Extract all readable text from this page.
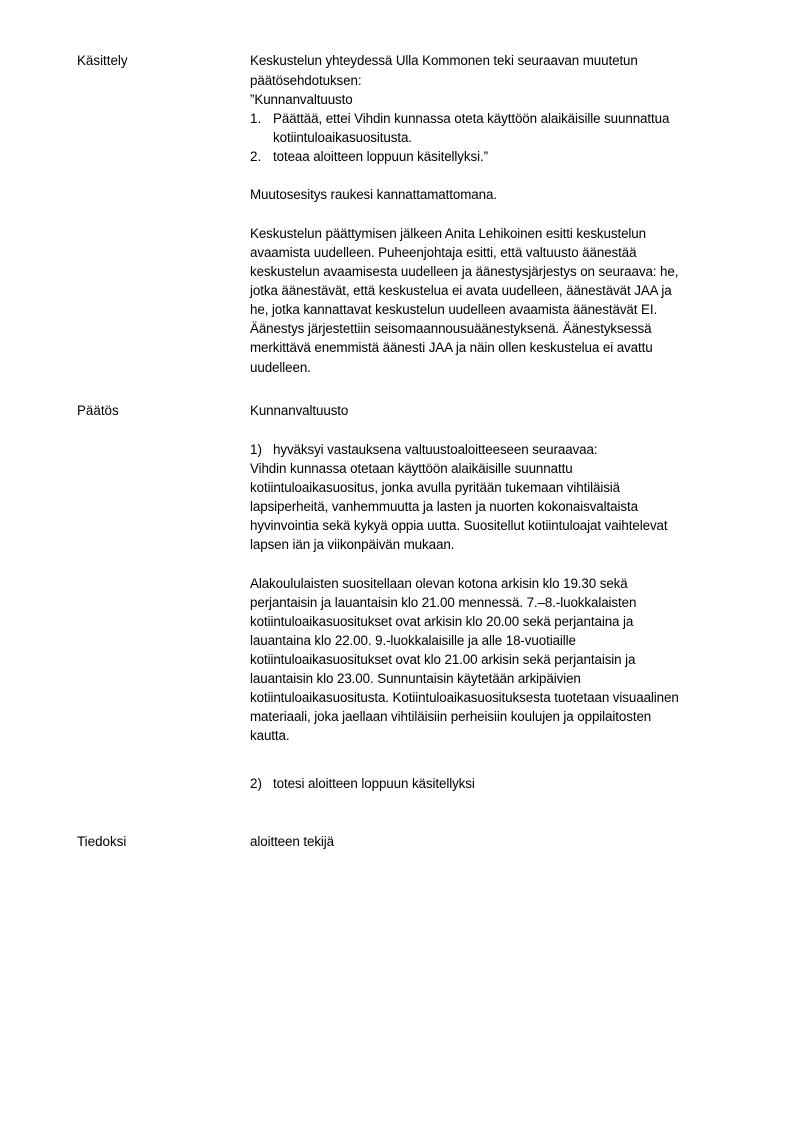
Käsittely	Keskustelun yhteydessä Ulla Kommonen teki seuraavan muutetun
päätösehdotuksen:
”Kunnanvaltuusto
1. Päättää, ettei Vihdin kunnassa oteta käyttöön alaikäisille suunnattua
kotiintuloaikasuositusta.
2. toteaa aloitteen loppuun käsitellyksi.”
Muutosesitys raukesi kannattamattomana.
Keskustelun päättymisen jälkeen Anita Lehikoinen esitti keskustelun
avaamista uudelleen. Puheenjohtaja esitti, että valtuusto äänestää
keskustelun avaamisesta uudelleen ja äänestysjärjestys on seuraava: he,
jotka äänestävät, että keskustelua ei avata uudelleen, äänestävät JAA ja
he, jotka kannattavat keskustelun uudelleen avaamista äänestävät EI.
Äänestys järjestettiin seisomaannousuäänestyksenä. Äänestyksessä
merkittävä enemmistä äänesti JAA ja näin ollen keskustelua ei avattu
uudelleen.
Päätös	Kunnanvaltuusto
1) hyväksyi vastauksena valtuustoaloitteeseen seuraavaa:
Vihdin kunnassa otetaan käyttöön alaikäisille suunnattu
kotiintuloaikasuositus, jonka avulla pyritään tukemaan vihtiläisiä
lapsiperheitä, vanhemmuutta ja lasten ja nuorten kokonaisvaltaista
hyvinvointia sekä kykyä oppia uutta. Suositellut kotiintuloajat vaihtelevat
lapsen iän ja viikonpäivän mukaan.
Alakoululaisten suositellaan olevan kotona arkisin klo 19.30 sekä
perjantaisin ja lauantaisin klo 21.00 mennessä. 7.–8.-luokkalaisten
kotiintuloaikasuositukset ovat arkisin klo 20.00 sekä perjantaina ja
lauantaina klo 22.00. 9.-luokkalaisille ja alle 18-vuotiaille
kotiintuloaikasuositukset ovat klo 21.00 arkisin sekä perjantaisin ja
lauantaisin klo 23.00. Sunnuntaisin käytetään arkipäivien
kotiintuloaikasuositusta. Kotiintuloaikasuosituksesta tuotetaan visuaalinen
materiaali, joka jaellaan vihtiläisiin perheisiin koulujen ja oppilaitosten
kautta.
2) totesi aloitteen loppuun käsitellyksi
Tiedoksi	aloitteen tekijä
